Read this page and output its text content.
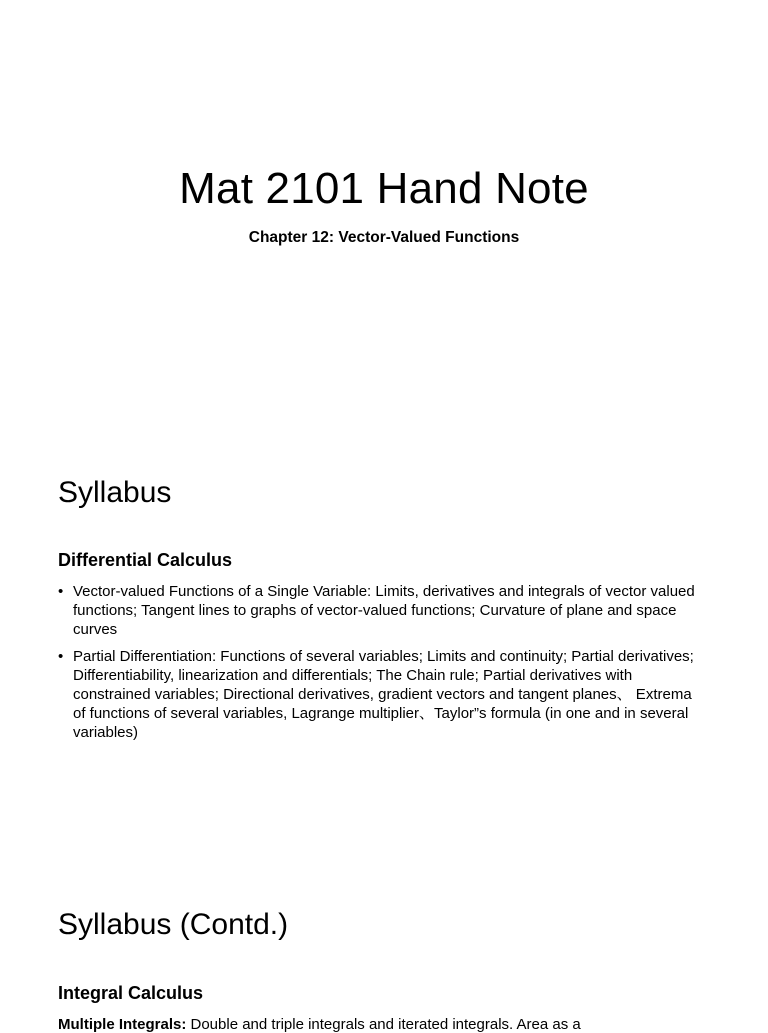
Mat 2101 Hand Note
Chapter 12: Vector-Valued Functions
Syllabus
Differential Calculus
• Vector-valued Functions of a Single Variable: Limits, derivatives and integrals of vector valued functions; Tangent lines to graphs of vector-valued functions; Curvature of plane and space curves
• Partial Differentiation: Functions of several variables; Limits and continuity; Partial derivatives; Differentiability, linearization and differentials; The Chain rule; Partial derivatives with constrained variables; Directional derivatives, gradient vectors and tangent planes、 Extrema of functions of several variables, Lagrange multiplier、Taylor”s formula (in one and in several variables)
Syllabus (Contd.)
Integral Calculus
Multiple Integrals: Double and triple integrals and iterated integrals. Area as a
